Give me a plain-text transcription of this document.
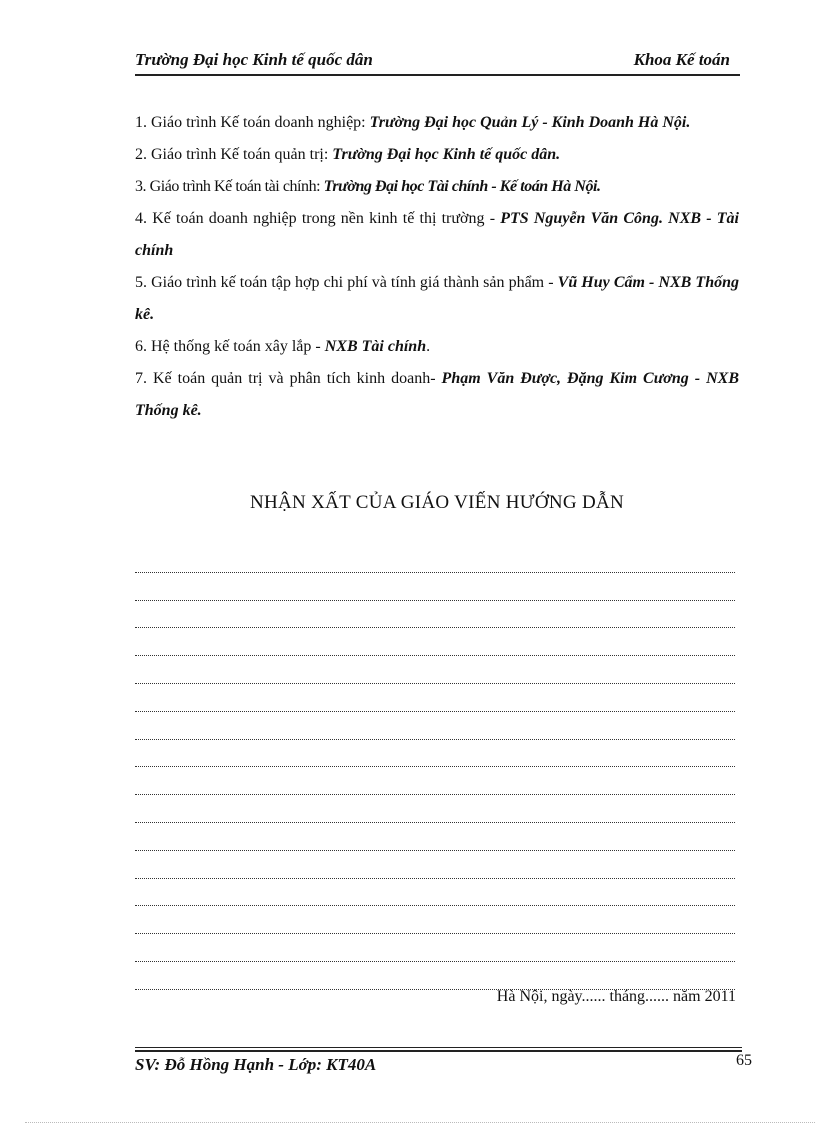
Trường Đại học Kinh tế quốc dân	Khoa Kế toán
1. Giáo trình Kế toán doanh nghiệp: Trường Đại học Quản Lý - Kinh Doanh Hà Nội.
2. Giáo trình Kế toán quản trị: Trường Đại học Kinh tế quốc dân.
3. Giáo trình Kế toán tài chính: Trường Đại học Tài chính - Kế toán Hà Nội.
4. Kế toán doanh nghiệp trong nền kinh tế thị trường - PTS Nguyễn Văn Công. NXB - Tài chính
5. Giáo trình kế toán tập hợp chi phí và tính giá thành sản phẩm - Vũ Huy Cẩm - NXB Thống kê.
6. Hệ thống kế toán xây lắp - NXB Tài chính.
7. Kế toán quản trị và phân tích kinh doanh- Phạm Văn Được, Đặng Kim Cương - NXB Thống kê.
NHẬN XẤT CỦA GIÁO VIẾN HƯỚNG DẪN
Hà Nội, ngày...... tháng...... năm 2011
SV: Đỗ Hồng Hạnh - Lớp: KT40A	65
